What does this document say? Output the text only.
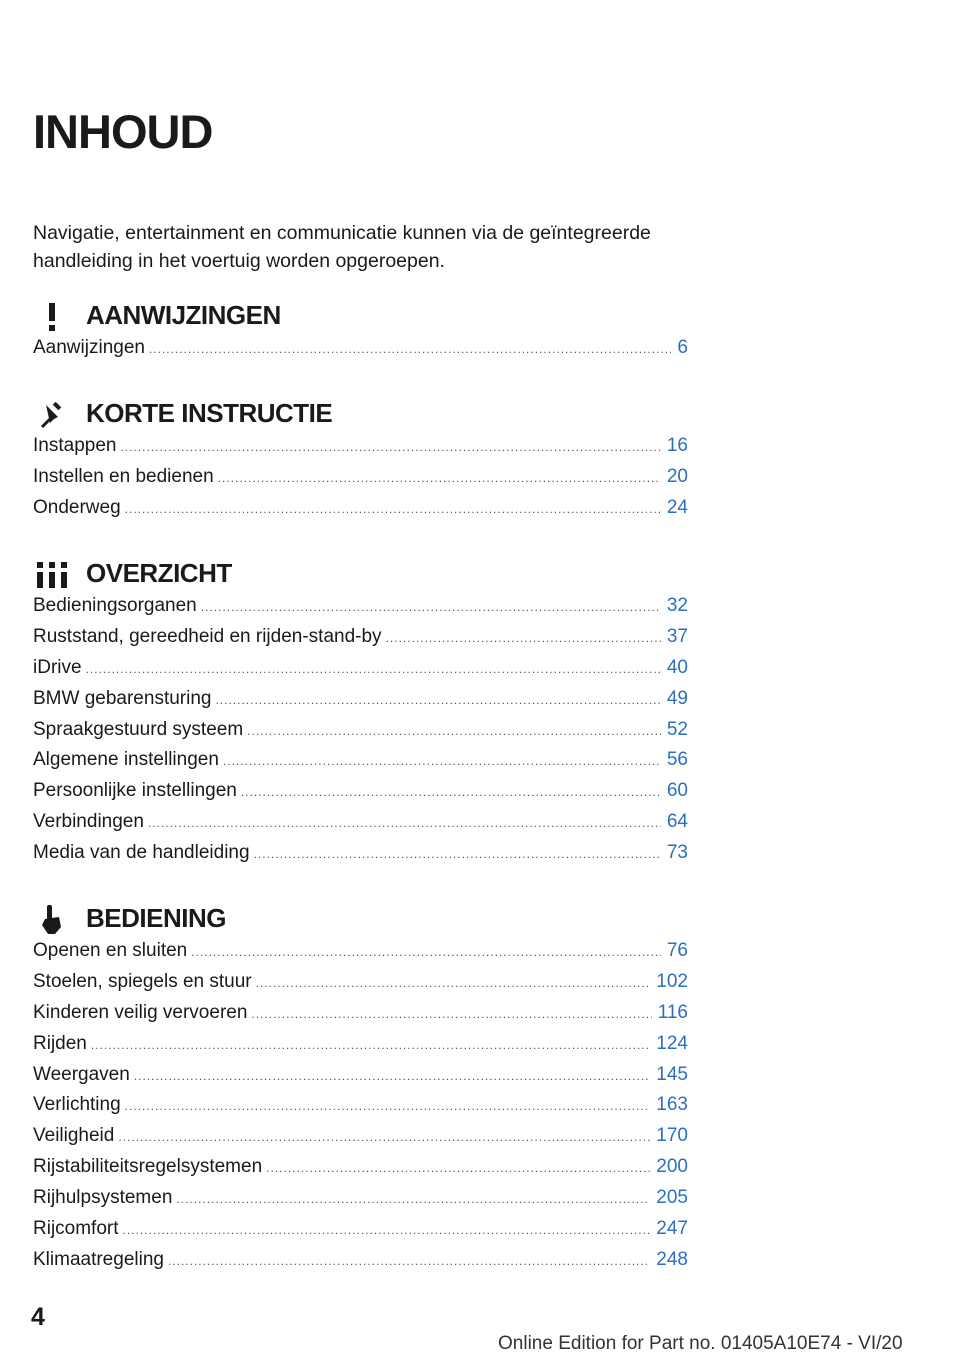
INHOUD

Navigatie, entertainment en communicatie kunnen via de geïntegreerde handleiding in het voertuig worden opgeroepen.

AANWIJZINGEN
Aanwijzingen .....	6
KORTE INSTRUCTIE
Instappen .....	16
Instellen en bedienen .....	20
Onderweg .....	24
OVERZICHT
Bedieningsorganen .....	32
Ruststand, gereedheid en rijden-stand-by .....	37
iDrive .....	40
BMW gebarensturing .....	49
Spraakgestuurd systeem .....	52
Algemene instellingen .....	56
Persoonlijke instellingen .....	60
Verbindingen .....	64
Media van de handleiding .....	73
BEDIENING
Openen en sluiten .....	76
Stoelen, spiegels en stuur .....	102
Kinderen veilig vervoeren .....	116
Rijden .....	124
Weergaven .....	145
Verlichting .....	163
Veiligheid .....	170
Rijstabiliteitsregelsystemen .....	200
Rijhulpsystemen .....	205
Rijcomfort .....	247
Klimaatregeling .....	248
4
Online Edition for Part no. 01405A10E74 - VI/20
